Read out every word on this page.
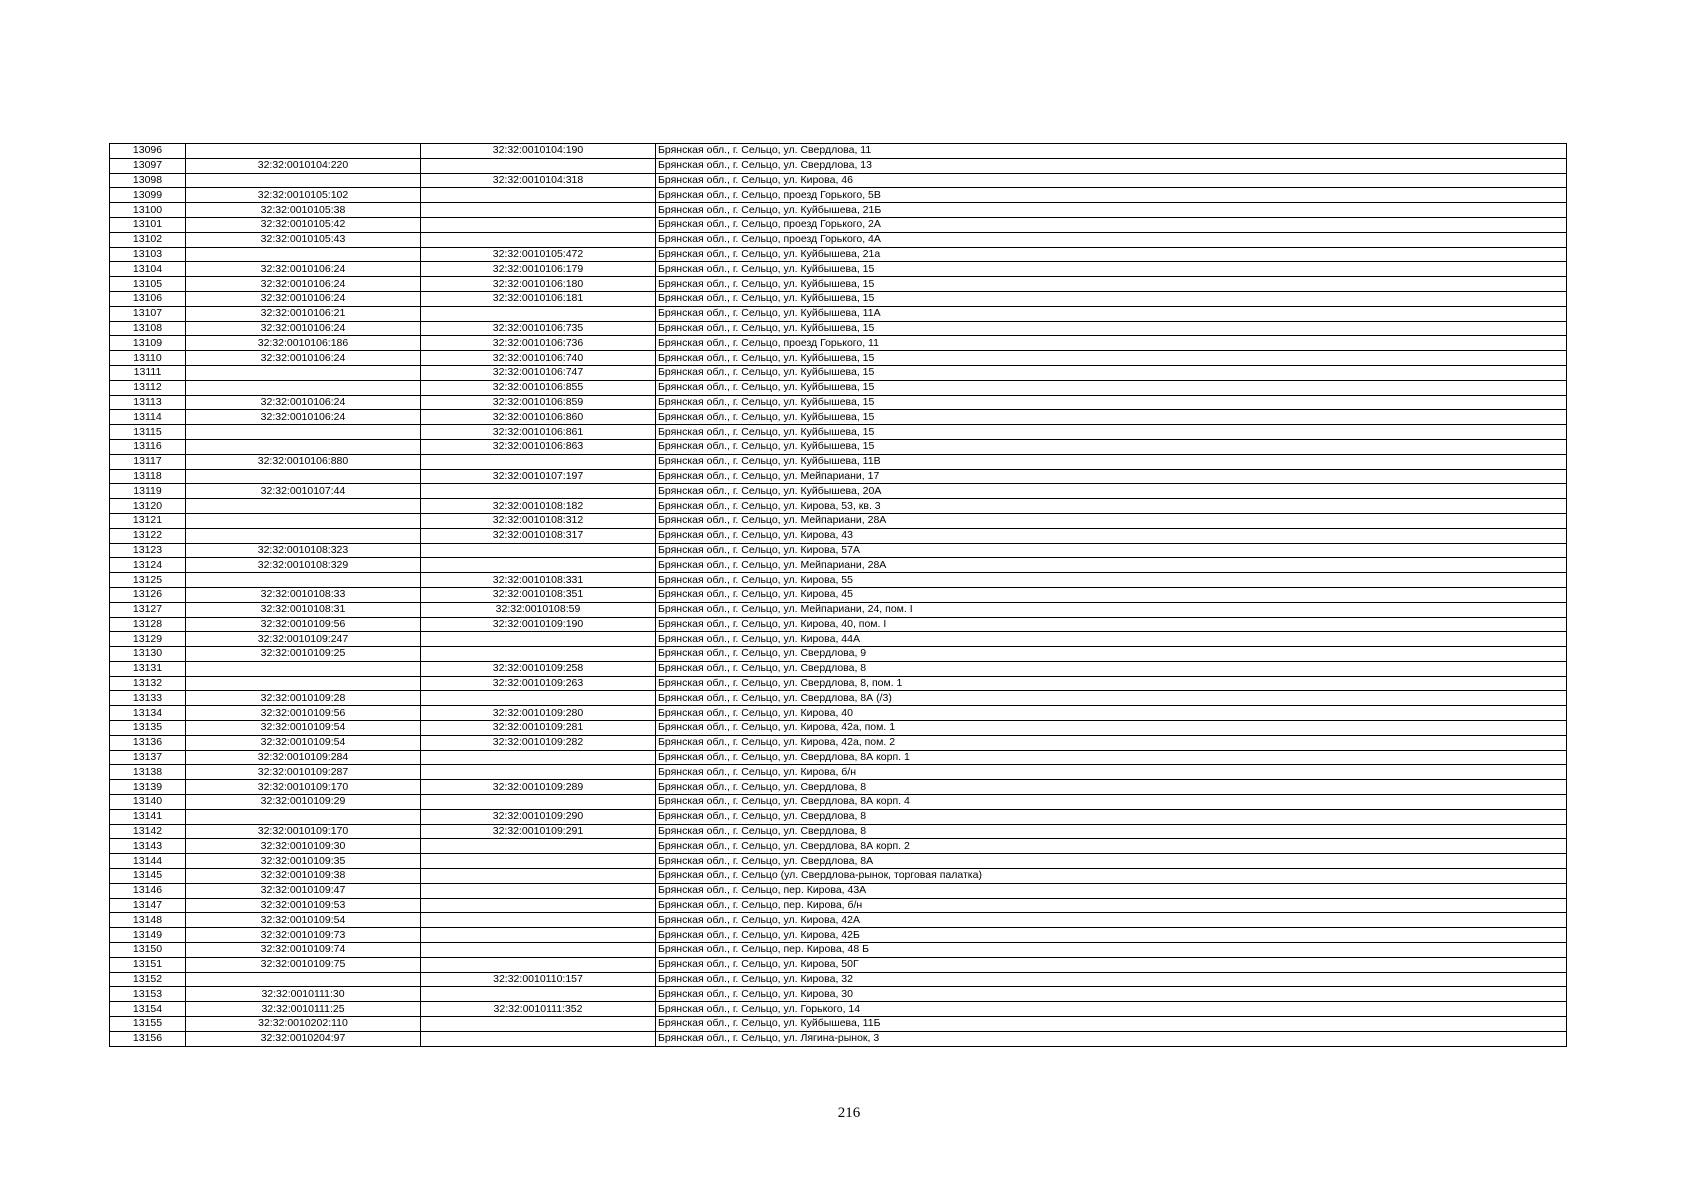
13096		32:32:0010104:190	Брянская обл., г. Сельцо, ул. Свердлова, 11
13097	32:32:0010104:220		Брянская обл., г. Сельцо, ул. Свердлова, 13
13098		32:32:0010104:318	Брянская обл., г. Сельцо, ул. Кирова, 46
13099	32:32:0010105:102		Брянская обл., г. Сельцо, проезд Горького, 5В
13100	32:32:0010105:38		Брянская обл., г. Сельцо, ул. Куйбышева, 21Б
13101	32:32:0010105:42		Брянская обл., г. Сельцо, проезд Горького, 2А
13102	32:32:0010105:43		Брянская обл., г. Сельцо, проезд Горького, 4А
13103		32:32:0010105:472	Брянская обл., г. Сельцо, ул. Куйбышева, 21а
13104	32:32:0010106:24	32:32:0010106:179	Брянская обл., г. Сельцо, ул. Куйбышева, 15
13105	32:32:0010106:24	32:32:0010106:180	Брянская обл., г. Сельцо, ул. Куйбышева, 15
13106	32:32:0010106:24	32:32:0010106:181	Брянская обл., г. Сельцо, ул. Куйбышева, 15
13107	32:32:0010106:21		Брянская обл., г. Сельцо, ул. Куйбышева, 11А
13108	32:32:0010106:24	32:32:0010106:735	Брянская обл., г. Сельцо, ул. Куйбышева, 15
13109	32:32:0010106:186	32:32:0010106:736	Брянская обл., г. Сельцо, проезд Горького, 11
13110	32:32:0010106:24	32:32:0010106:740	Брянская обл., г. Сельцо, ул. Куйбышева, 15
13111		32:32:0010106:747	Брянская обл., г. Сельцо, ул. Куйбышева, 15
13112		32:32:0010106:855	Брянская обл., г. Сельцо, ул. Куйбышева, 15
13113	32:32:0010106:24	32:32:0010106:859	Брянская обл., г. Сельцо, ул. Куйбышева, 15
13114	32:32:0010106:24	32:32:0010106:860	Брянская обл., г. Сельцо, ул. Куйбышева, 15
13115		32:32:0010106:861	Брянская обл., г. Сельцо, ул. Куйбышева, 15
13116		32:32:0010106:863	Брянская обл., г. Сельцо, ул. Куйбышева, 15
13117	32:32:0010106:880		Брянская обл., г. Сельцо, ул. Куйбышева, 11В
13118		32:32:0010107:197	Брянская обл., г. Сельцо, ул. Мейпариани, 17
13119	32:32:0010107:44		Брянская обл., г. Сельцо, ул. Куйбышева, 20А
13120		32:32:0010108:182	Брянская обл., г. Сельцо, ул. Кирова, 53, кв. 3
13121		32:32:0010108:312	Брянская обл., г. Сельцо, ул. Мейпариани, 28А
13122		32:32:0010108:317	Брянская обл., г. Сельцо, ул. Кирова, 43
13123	32:32:0010108:323		Брянская обл., г. Сельцо, ул. Кирова, 57А
13124	32:32:0010108:329		Брянская обл., г. Сельцо, ул. Мейпариани, 28А
13125		32:32:0010108:331	Брянская обл., г. Сельцо, ул. Кирова, 55
13126	32:32:0010108:33	32:32:0010108:351	Брянская обл., г. Сельцо, ул. Кирова, 45
13127	32:32:0010108:31	32:32:0010108:59	Брянская обл., г. Сельцо, ул. Мейпариани, 24, пом. I
13128	32:32:0010109:56	32:32:0010109:190	Брянская обл., г. Сельцо, ул. Кирова, 40, пом. I
13129	32:32:0010109:247		Брянская обл., г. Сельцо, ул. Кирова, 44А
13130	32:32:0010109:25		Брянская обл., г. Сельцо, ул. Свердлова, 9
13131		32:32:0010109:258	Брянская обл., г. Сельцо, ул. Свердлова, 8
13132		32:32:0010109:263	Брянская обл., г. Сельцо, ул. Свердлова, 8, пом. 1
13133	32:32:0010109:28		Брянская обл., г. Сельцо, ул. Свердлова, 8А (/3)
13134	32:32:0010109:56	32:32:0010109:280	Брянская обл., г. Сельцо, ул. Кирова, 40
13135	32:32:0010109:54	32:32:0010109:281	Брянская обл., г. Сельцо, ул. Кирова, 42а, пом. 1
13136	32:32:0010109:54	32:32:0010109:282	Брянская обл., г. Сельцо, ул. Кирова, 42а, пом. 2
13137	32:32:0010109:284		Брянская обл., г. Сельцо, ул. Свердлова, 8А корп. 1
13138	32:32:0010109:287		Брянская обл., г. Сельцо, ул. Кирова, б/н
13139	32:32:0010109:170	32:32:0010109:289	Брянская обл., г. Сельцо, ул. Свердлова, 8
13140	32:32:0010109:29		Брянская обл., г. Сельцо, ул. Свердлова, 8А корп. 4
13141		32:32:0010109:290	Брянская обл., г. Сельцо, ул. Свердлова, 8
13142	32:32:0010109:170	32:32:0010109:291	Брянская обл., г. Сельцо, ул. Свердлова, 8
13143	32:32:0010109:30		Брянская обл., г. Сельцо, ул. Свердлова, 8А корп. 2
13144	32:32:0010109:35		Брянская обл., г. Сельцо, ул. Свердлова, 8А
13145	32:32:0010109:38		Брянская обл., г. Сельцо (ул. Свердлова-рынок, торговая палатка)
13146	32:32:0010109:47		Брянская обл., г. Сельцо, пер. Кирова, 43А
13147	32:32:0010109:53		Брянская обл., г. Сельцо, пер. Кирова, б/н
13148	32:32:0010109:54		Брянская обл., г. Сельцо, ул. Кирова, 42А
13149	32:32:0010109:73		Брянская обл., г. Сельцо, ул. Кирова, 42Б
13150	32:32:0010109:74		Брянская обл., г. Сельцо, пер. Кирова, 48 Б
13151	32:32:0010109:75		Брянская обл., г. Сельцо, ул. Кирова, 50Г
13152		32:32:0010110:157	Брянская обл., г. Сельцо, ул. Кирова, 32
13153	32:32:0010111:30		Брянская обл., г. Сельцо, ул. Кирова, 30
13154	32:32:0010111:25	32:32:0010111:352	Брянская обл., г. Сельцо, ул. Горького, 14
13155	32:32:0010202:110		Брянская обл., г. Сельцо, ул. Куйбышева, 11Б
13156	32:32:0010204:97		Брянская обл., г. Сельцо, ул. Лягина-рынок, 3
216
